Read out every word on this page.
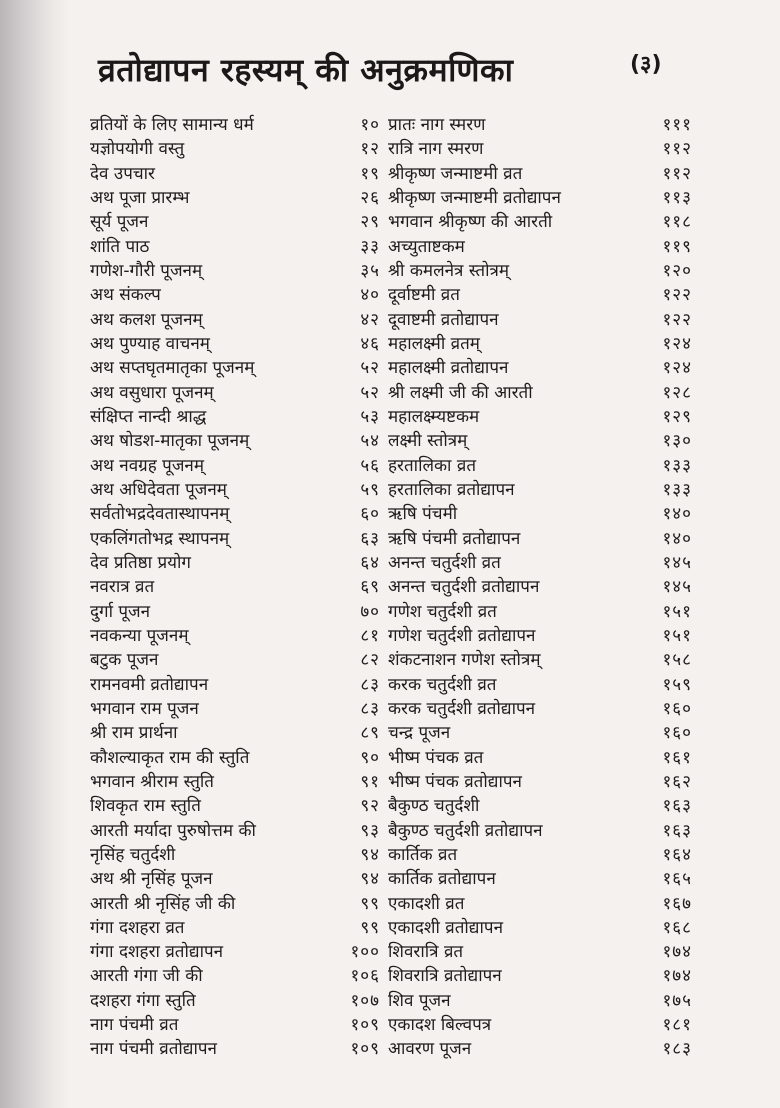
व्रतोद्यापन रहस्यम् की अनुक्रमणिका	(३)
व्रतियों के लिए सामान्य धर्म	१०
यज्ञोपयोगी वस्तु	१२
देव उपचार	१९
अथ पूजा प्रारम्भ	२६
सूर्य पूजन	२९
शांति पाठ	३३
गणेश-गौरी पूजनम्	३५
अथ संकल्प	४०
अथ कलश पूजनम्	४२
अथ पुण्याह वाचनम्	४६
अथ सप्तघृतमातृका पूजनम्	५२
अथ वसुधारा पूजनम्	५२
संक्षिप्त नान्दी श्राद्ध	५३
अथ षोडश-मातृका पूजनम्	५४
अथ नवग्रह पूजनम्	५६
अथ अधिदेवता पूजनम्	५९
सर्वतोभद्रदेवतास्थापनम्	६०
एकलिंगतोभद्र स्थापनम्	६३
देव प्रतिष्ठा प्रयोग	६४
नवरात्र व्रत	६९
दुर्गा पूजन	७०
नवकन्या पूजनम्	८१
बटुक पूजन	८२
रामनवमी व्रतोद्यापन	८३
भगवान राम पूजन	८३
श्री राम प्रार्थना	८९
कौशल्याकृत राम की स्तुति	९०
भगवान श्रीराम स्तुति	९१
शिवकृत राम स्तुति	९२
आरती मर्यादा पुरुषोत्तम की	९३
नृसिंह चतुर्दशी	९४
अथ श्री नृसिंह पूजन	९४
आरती श्री नृसिंह जी की	९९
गंगा दशहरा व्रत	९९
गंगा दशहरा व्रतोद्यापन	१००
आरती गंगा जी की	१०६
दशहरा गंगा स्तुति	१०७
नाग पंचमी व्रत	१०९
नाग पंचमी व्रतोद्यापन	१०९
प्रातः नाग स्मरण	१११
रात्रि नाग स्मरण	११२
श्रीकृष्ण जन्माष्टमी व्रत	११२
श्रीकृष्ण जन्माष्टमी व्रतोद्यापन	११३
भगवान श्रीकृष्ण की आरती	११८
अच्युताष्टकम	११९
श्री कमलनेत्र स्तोत्रम्	१२०
दूर्वाष्टमी व्रत	१२२
दूवाष्टमी व्रतोद्यापन	१२२
महालक्ष्मी व्रतम्	१२४
महालक्ष्मी व्रतोद्यापन	१२४
श्री लक्ष्मी जी की आरती	१२८
महालक्ष्म्यष्टकम	१२९
लक्ष्मी स्तोत्रम्	१३०
हरतालिका व्रत	१३३
हरतालिका व्रतोद्यापन	१३३
ऋषि पंचमी	१४०
ऋषि पंचमी व्रतोद्यापन	१४०
अनन्त चतुर्दशी व्रत	१४५
अनन्त चतुर्दशी व्रतोद्यापन	१४५
गणेश चतुर्दशी व्रत	१५१
गणेश चतुर्दशी व्रतोद्यापन	१५१
शंकटनाशन गणेश स्तोत्रम्	१५८
करक चतुर्दशी व्रत	१५९
करक चतुर्दशी व्रतोद्यापन	१६०
चन्द्र पूजन	१६०
भीष्म पंचक व्रत	१६१
भीष्म पंचक व्रतोद्यापन	१६२
बैकुण्ठ चतुर्दशी	१६३
बैकुण्ठ चतुर्दशी व्रतोद्यापन	१६३
कार्तिक व्रत	१६४
कार्तिक व्रतोद्यापन	१६५
एकादशी व्रत	१६७
एकादशी व्रतोद्यापन	१६८
शिवरात्रि व्रत	१७४
शिवरात्रि व्रतोद्यापन	१७४
शिव पूजन	१७५
एकादश बिल्वपत्र	१८१
आवरण पूजन	१८३
